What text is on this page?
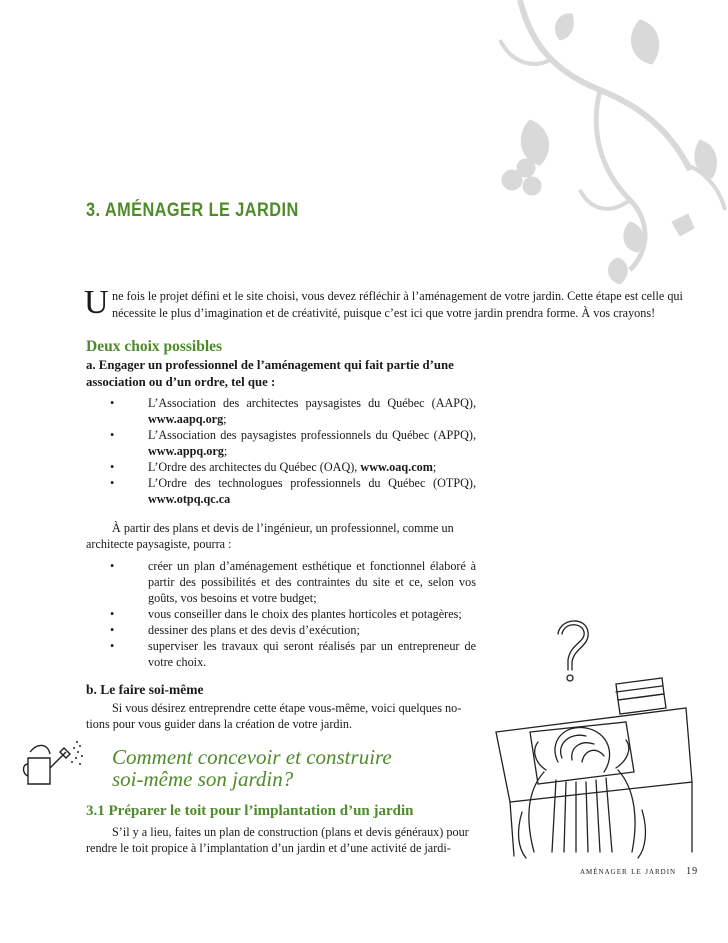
3. AMÉNAGER LE JARDIN
U ne fois le projet défini et le site choisi, vous devez réfléchir à l’aménagement de votre jardin. Cette étape est celle qui
nécessite le plus d’imagination et de créativité, puisque c’est ici que votre jardin prendra forme. À vos crayons!
Deux choix possibles
a. Engager un professionnel de l’aménagement qui fait partie d’une
association ou d’un ordre, tel que :
•	L’Association des architectes paysagistes du Québec (AAPQ), www.aapq.org;
•	L’Association des paysagistes professionnels du Québec (APPQ), www.appq.org;
•	L’Ordre des architectes du Québec (OAQ), www.oaq.com;
•	L’Ordre des technologues professionnels du Québec (OTPQ), www.otpq.qc.ca
À partir des plans et devis de l’ingénieur, un professionnel, comme un
architecte paysagiste, pourra :
•	créer un plan d’aménagement esthétique et fonctionnel élaboré à partir des possibilités et des contraintes du site et ce, selon vos goûts, vos besoins et votre budget;
•	vous conseiller dans le choix des plantes horticoles et potagères;
•	dessiner des plans et des devis d’exécution;
•	superviser les travaux qui seront réalisés par un entrepreneur de votre choix.
b. Le faire soi-même
Si vous désirez entreprendre cette étape vous-même, voici quelques no-
tions pour vous guider dans la création de votre jardin.
Comment concevoir et construire
soi-même son jardin?
3.1 Préparer le toit pour l’implantation d’un jardin
S’il y a lieu, faites un plan de construction (plans et devis généraux) pour
rendre le toit propice à l’implantation d’un jardin et d’une activité de jardi-
aménager le jardin 19
